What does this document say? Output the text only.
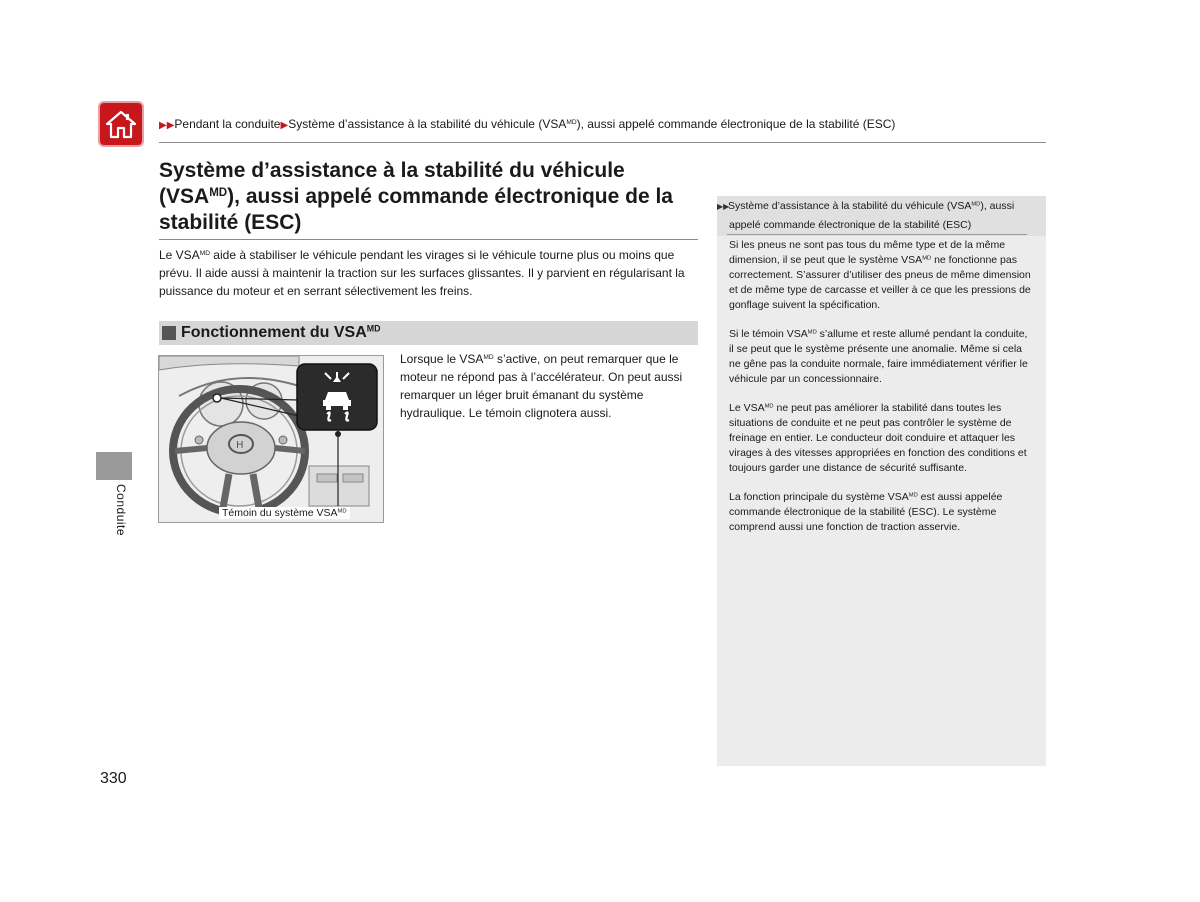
▶▶Pendant la conduite▶Système d’assistance à la stabilité du véhicule $(VSA^{MD})$, aussi appelé commande électronique de la stabilité (ESC)
Système d’assistance à la stabilité du véhicule
$(VSA^{MD})$, aussi appelé commande électronique de la
stabilité (ESC)

Le $VSA^{MD}$ aide à stabiliser le véhicule pendant les virages si le véhicule tourne plus ou moins que prévu. Il aide aussi à maintenir la traction sur les surfaces glissantes. Il y parvient en régularisant la puissance du moteur et en serrant sélectivement les freins.

Fonctionnement du $VSA^{MD}$
H
Témoin du système $VSA^{MD}$

Lorsque le $VSA^{MD}$ s’active, on peut remarquer que le moteur ne répond pas à l’accélérateur. On peut aussi remarquer un léger bruit émanant du système hydraulique. Le témoin clignotera aussi.

▶▶Système d’assistance à la stabilité du véhicule $(VSA^{MD})$, aussi
appelé commande électronique de la stabilité (ESC)

Si les pneus ne sont pas tous du même type et de la même dimension, il se peut que le système $VSA^{MD}$ ne fonctionne pas correctement. S’assurer d’utiliser des pneus de même dimension et de même type de carcasse et veiller à ce que les pressions de gonflage suivent la spécification.

Si le témoin $VSA^{MD}$ s’allume et reste allumé pendant la conduite, il se peut que le système présente une anomalie. Même si cela ne gêne pas la conduite normale, faire immédiatement vérifier le véhicule par un concessionnaire.

Le $VSA^{MD}$ ne peut pas améliorer la stabilité dans toutes les situations de conduite et ne peut pas contrôler le système de freinage en entier. Le conducteur doit conduire et attaquer les virages à des vitesses appropriées en fonction des conditions et toujours garder une distance de sécurité suffisante.

La fonction principale du système $VSA^{MD}$ est aussi appelée commande électronique de la stabilité (ESC). Le système comprend aussi une fonction de traction asservie.

Conduite
330
